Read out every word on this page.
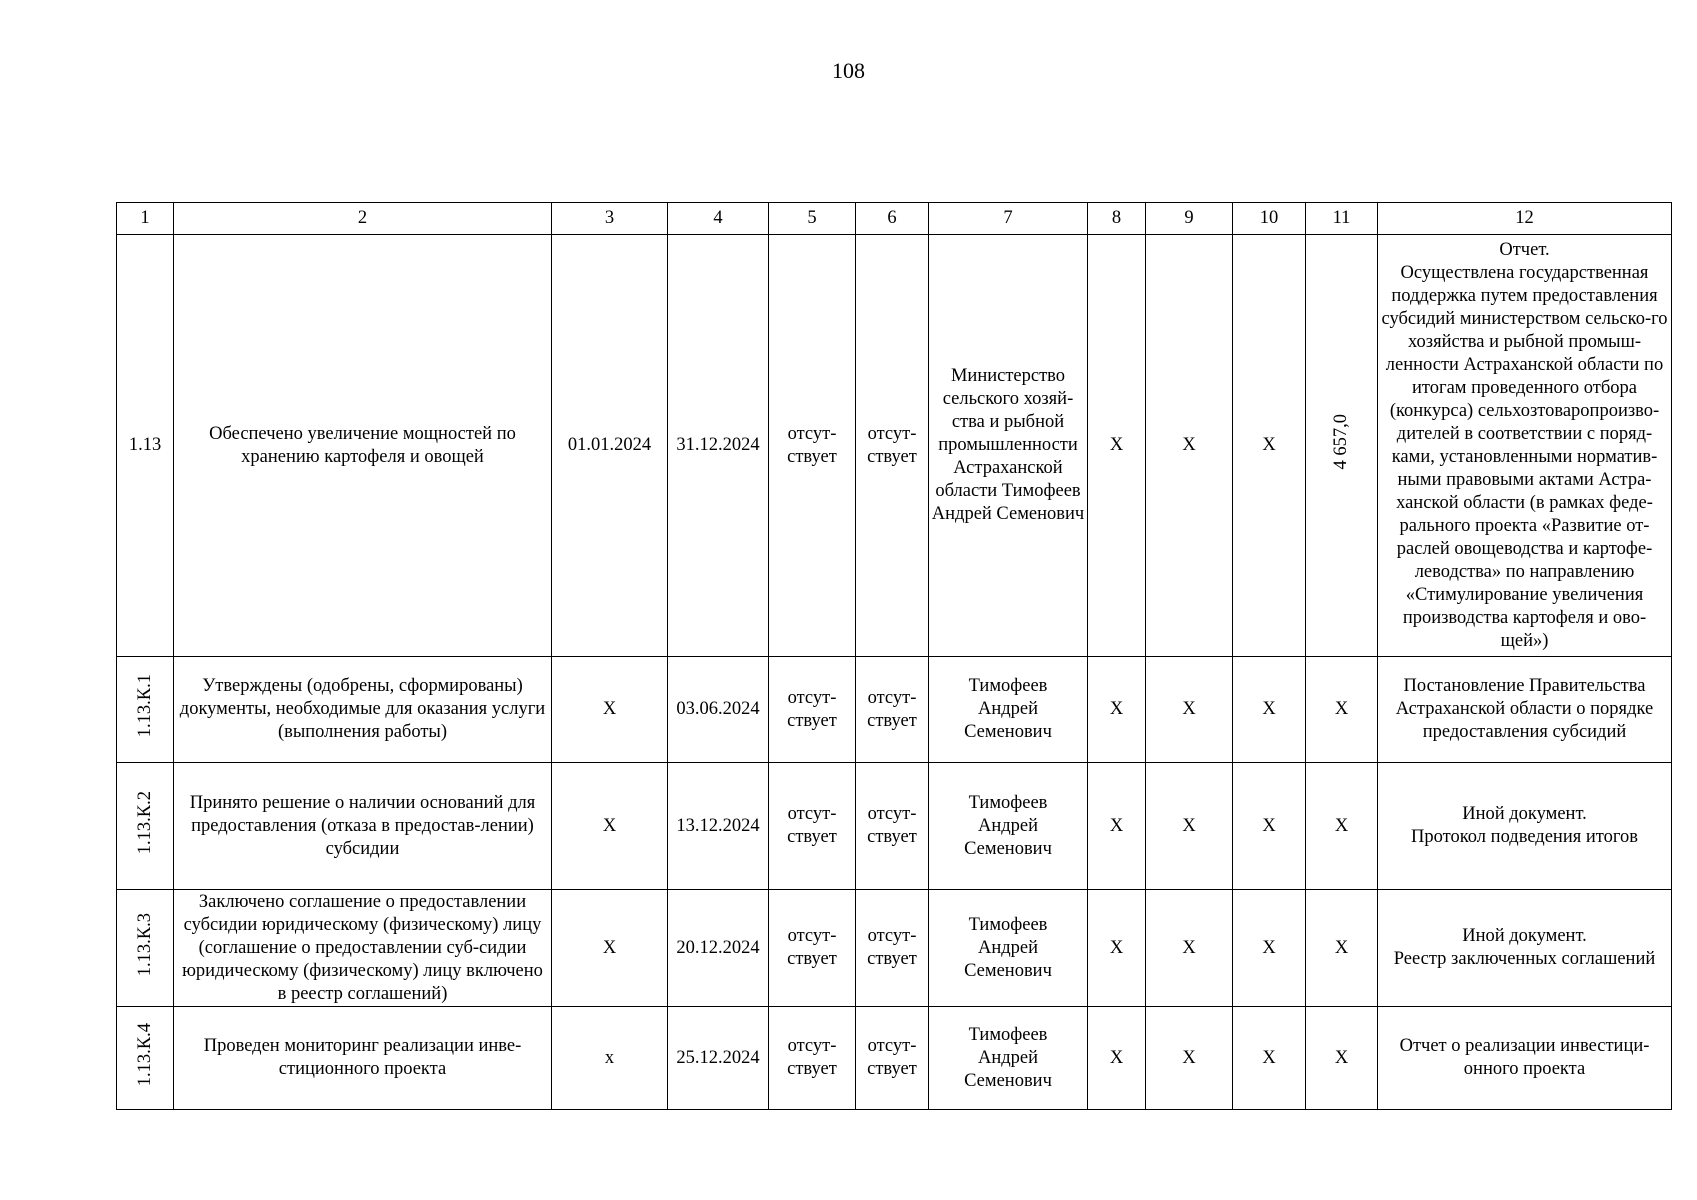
108
1	2	3	4	5	6	7	8	9	10	11	12
1.13	Обеспечено увеличение мощностей по хранению картофеля и овощей	01.01.2024	31.12.2024	отсут-
ствует	отсут-
ствует	Министерство сельского хозяй-ства и рыбной промышленности Астраханской области Тимофеев Андрей Семенович	X	X	X	4 657,0	Отчет.
Осуществлена государственная поддержка путем предоставления субсидий министерством сельско-го хозяйства и рыбной промыш-ленности Астраханской области по итогам проведенного отбора (конкурса) сельхозтоваропроизво-дителей в соответствии с поряд-ками, установленными норматив-ными правовыми актами Астра-ханской области (в рамках феде-рального проекта «Развитие от-раслей овощеводства и картофе-леводства» по направлению «Стимулирование увеличения производства картофеля и ово-щей»)
1.13.К.1	Утверждены (одобрены, сформированы) документы, необходимые для оказания услуги (выполнения работы)	X	03.06.2024	отсут-
ствует	отсут-
ствует	Тимофеев
Андрей
Семенович	X	X	X	X	Постановление Правительства Астраханской области о порядке предоставления субсидий
1.13.К.2	Принято решение о наличии оснований для предоставления (отказа в предостав-лении) субсидии	X	13.12.2024	отсут-
ствует	отсут-
ствует	Тимофеев
Андрей
Семенович	X	X	X	X	Иной документ.
Протокол подведения итогов
1.13.К.3	Заключено соглашение о предоставлении субсидии юридическому (физическому) лицу (соглашение о предоставлении суб-сидии юридическому (физическому) лицу включено в реестр соглашений)	X	20.12.2024	отсут-
ствует	отсут-
ствует	Тимофеев
Андрей
Семенович	X	X	X	X	Иной документ.
Реестр заключенных соглашений
1.13.К.4	Проведен мониторинг реализации инве-стиционного проекта	x	25.12.2024	отсут-
ствует	отсут-
ствует	Тимофеев
Андрей
Семенович	X	X	X	X	Отчет о реализации инвестици-онного проекта
